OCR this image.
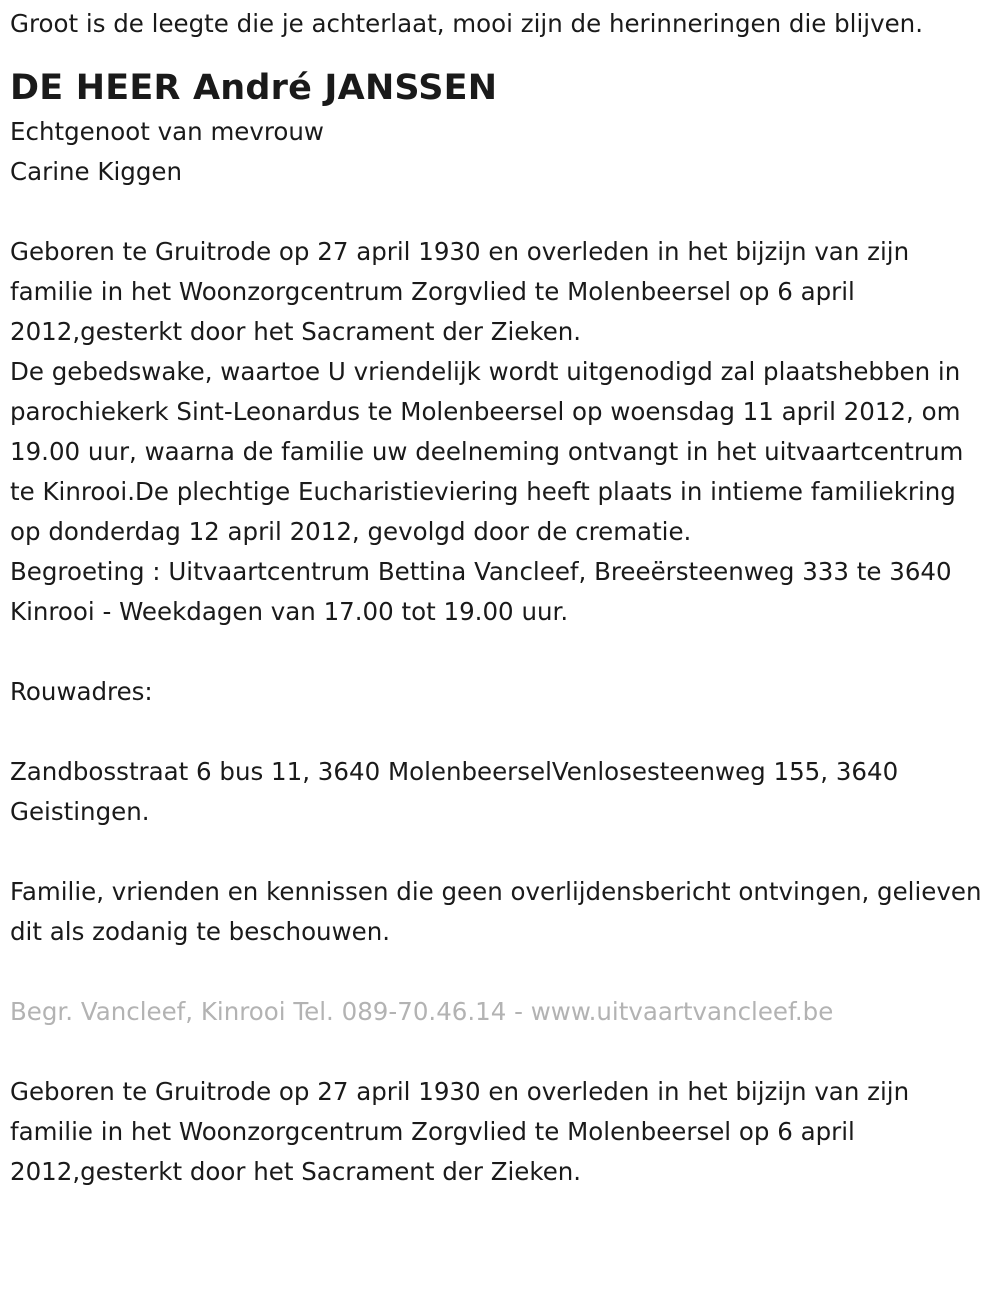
Groot is de leegte die je achterlaat, mooi zijn de herinneringen die blijven.

DE HEER André JANSSEN

Echtgenoot van mevrouw
Carine Kiggen

Geboren te Gruitrode op 27 april 1930 en overleden in het bijzijn van zijn familie in het Woonzorgcentrum Zorgvlied te Molenbeersel op 6 april 2012,gesterkt door het Sacrament der Zieken.

De gebedswake, waartoe U vriendelijk wordt uitgenodigd zal plaatshebben in parochiekerk Sint-Leonardus te Molenbeersel op woensdag 11 april 2012, om 19.00 uur, waarna de familie uw deelneming ontvangt in het uitvaartcentrum te Kinrooi.De plechtige Eucharistieviering heeft plaats in intieme familiekring op donderdag 12 april 2012, gevolgd door de crematie.

Begroeting : Uitvaartcentrum Bettina Vancleef, Breeërsteenweg 333 te 3640 Kinrooi - Weekdagen van 17.00 tot 19.00 uur.

Rouwadres:

Zandbosstraat 6 bus 11, 3640 MolenbeerselVenlosesteenweg 155, 3640 Geistingen.

Familie, vrienden en kennissen die geen overlijdensbericht ontvingen, gelieven dit als zodanig te beschouwen.

Begr. Vancleef, Kinrooi Tel. 089-70.46.14 - www.uitvaartvancleef.be

Geboren te Gruitrode op 27 april 1930 en overleden in het bijzijn van zijn familie in het Woonzorgcentrum Zorgvlied te Molenbeersel op 6 april 2012,gesterkt door het Sacrament der Zieken.
